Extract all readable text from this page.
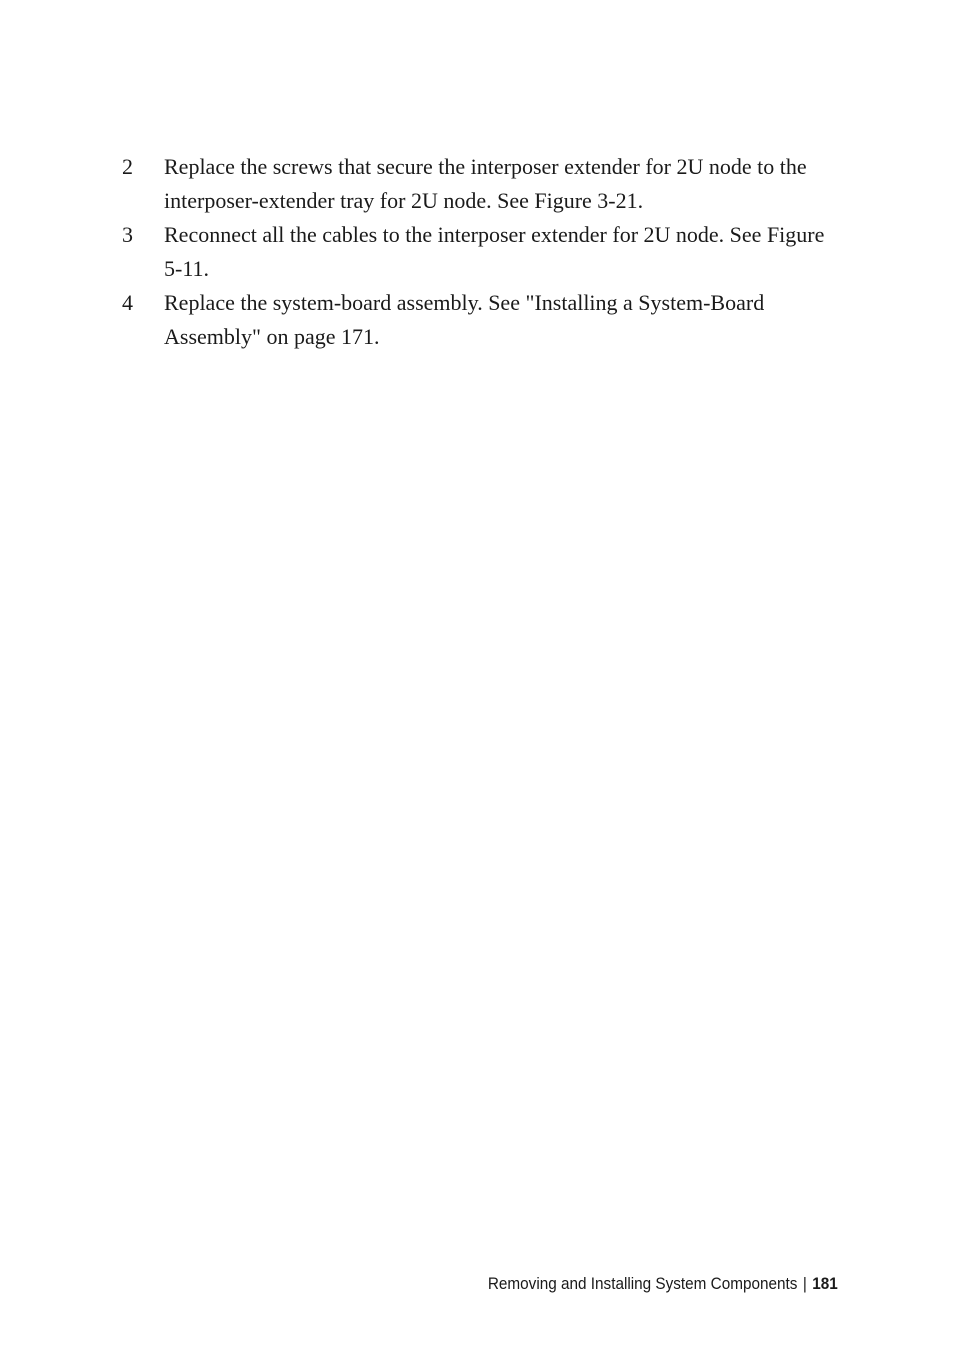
2	Replace the screws that secure the interposer extender for 2U node to the interposer-extender tray for 2U node. See Figure 3-21.
3	Reconnect all the cables to the interposer extender for 2U node. See Figure 5-11.
4	Replace the system-board assembly. See "Installing a System-Board Assembly" on page 171.
Removing and Installing System Components | 181
